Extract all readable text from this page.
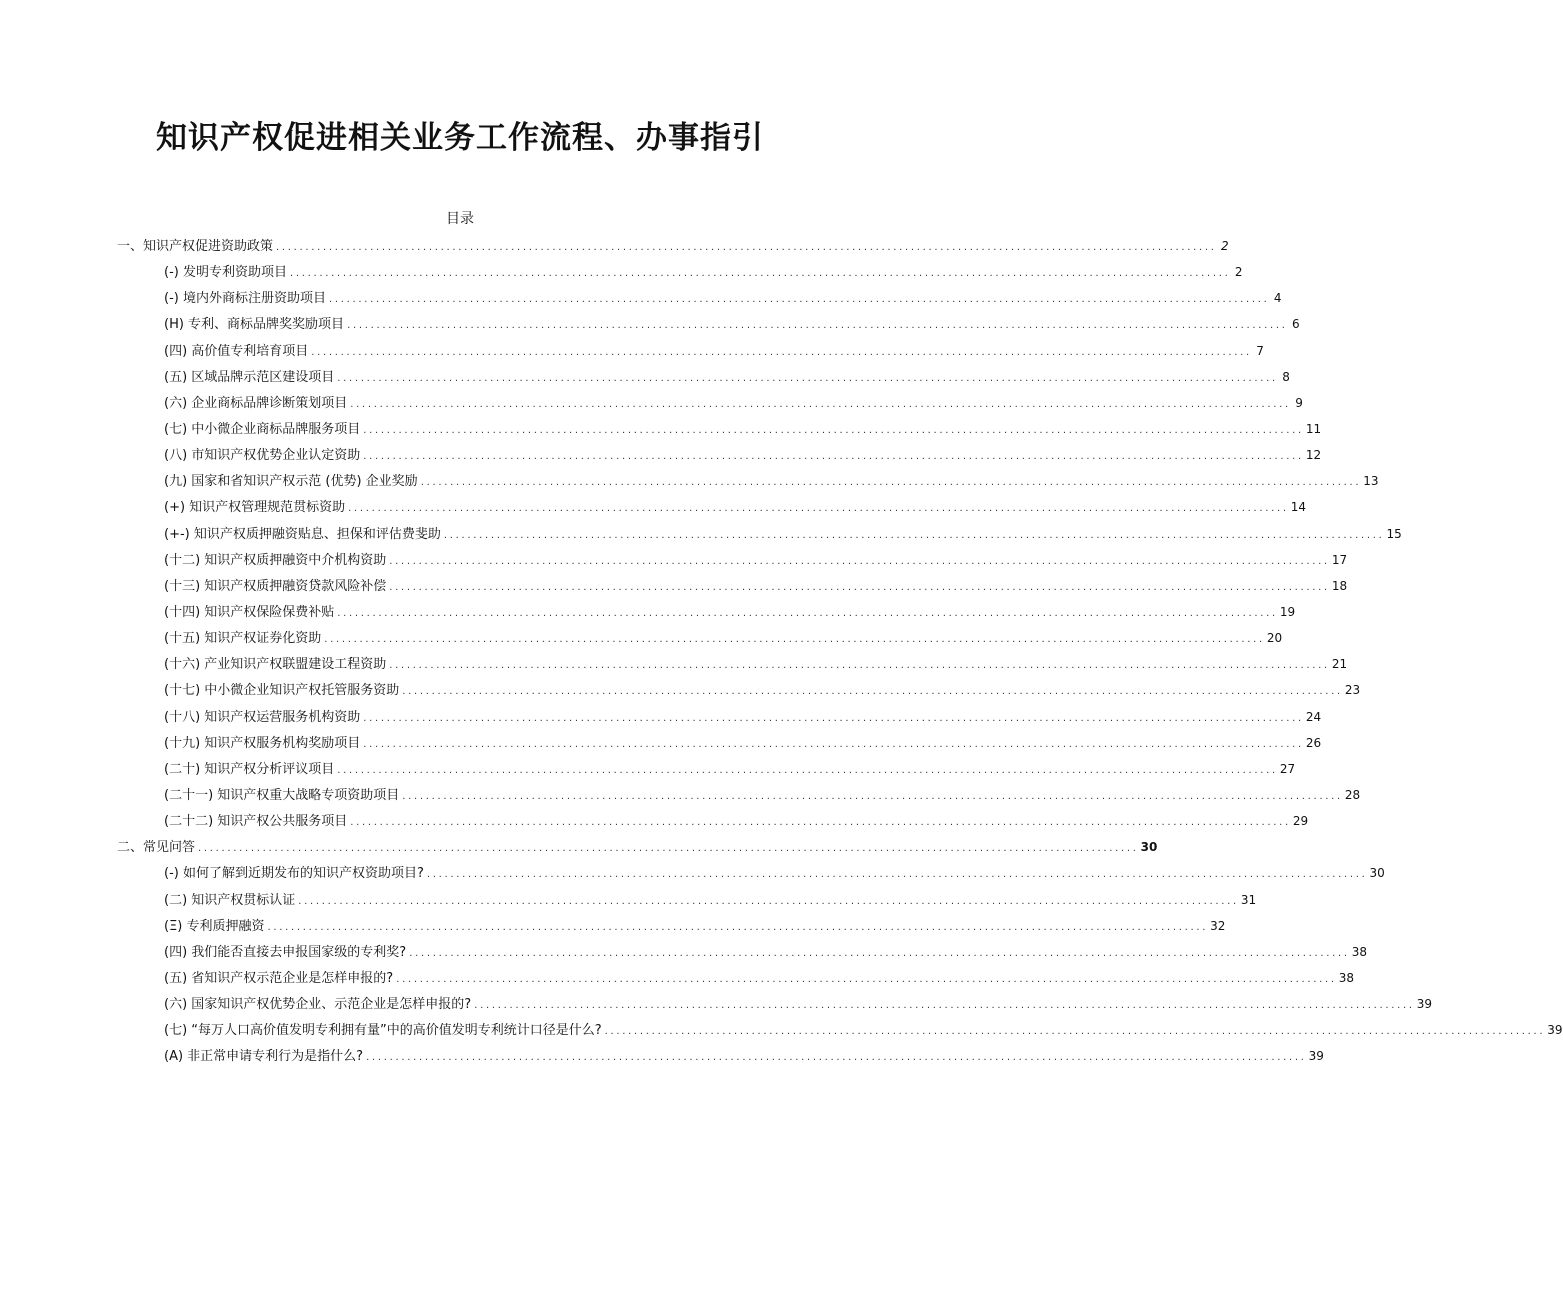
知识产权促进相关业务工作流程、办事指引
目录
一、知识产权促进资助政策 ................................................................................................................................................................ 2
(-) 发明专利资助项目 ................................................................................................................................................................ 2
(-) 境内外商标注册资助项目 ................................................................................................................................................................ 4
(H) 专利、商标品牌奖奖励项目 ................................................................................................................................................................ 6
(四) 高价值专利培育项目 ................................................................................................................................................................ 7
(五) 区域品牌示范区建设项目 ................................................................................................................................................................ 8
(六) 企业商标品牌诊断策划项目 ................................................................................................................................................................ 9
(七) 中小微企业商标品牌服务项目 ................................................................................................................................................................ 11
(八) 市知识产权优势企业认定资助 ................................................................................................................................................................ 12
(九) 国家和省知识产权示范 (优势) 企业奖励 ................................................................................................................................................................ 13
(+) 知识产权管理规范贯标资助 ................................................................................................................................................................ 14
(+-) 知识产权质押融资贴息、担保和评估费斐助 ................................................................................................................................................................ 15
(十二) 知识产权质押融资中介机构资助 ................................................................................................................................................................ 17
(十三) 知识产权质押融资贷款风险补偿 ................................................................................................................................................................ 18
(十四) 知识产权保险保费补贴 ................................................................................................................................................................ 19
(十五) 知识产权证券化资助 ................................................................................................................................................................ 20
(十六) 产业知识产权联盟建设工程资助 ................................................................................................................................................................ 21
(十七) 中小微企业知识产权托管服务资助 ................................................................................................................................................................ 23
(十八) 知识产权运营服务机构资助 ................................................................................................................................................................ 24
(十九) 知识产权服务机构奖励项目 ................................................................................................................................................................ 26
(二十) 知识产权分析评议项目 ................................................................................................................................................................ 27
(二十一) 知识产权重大战略专项资助项目 ................................................................................................................................................................ 28
(二十二) 知识产权公共服务项目 ................................................................................................................................................................ 29
二、常见问答 ................................................................................................................................................................ 30
(-) 如何了解到近期发布的知识产权资助项目? ................................................................................................................................................................ 30
(二) 知识产权贯标认证 ................................................................................................................................................................ 31
(Ξ) 专利质押融资 ................................................................................................................................................................ 32
(四) 我们能否直接去申报国家级的专利奖? ................................................................................................................................................................ 38
(五) 省知识产权示范企业是怎样申报的? ................................................................................................................................................................ 38
(六) 国家知识产权优势企业、示范企业是怎样申报的? ................................................................................................................................................................ 39
(七) “每万人口高价值发明专利拥有量”中的高价值发明专利统计口径是什么? ................................................................................................................................................................ 39
(A) 非正常申请专利行为是指什么? ................................................................................................................................................................ 39
